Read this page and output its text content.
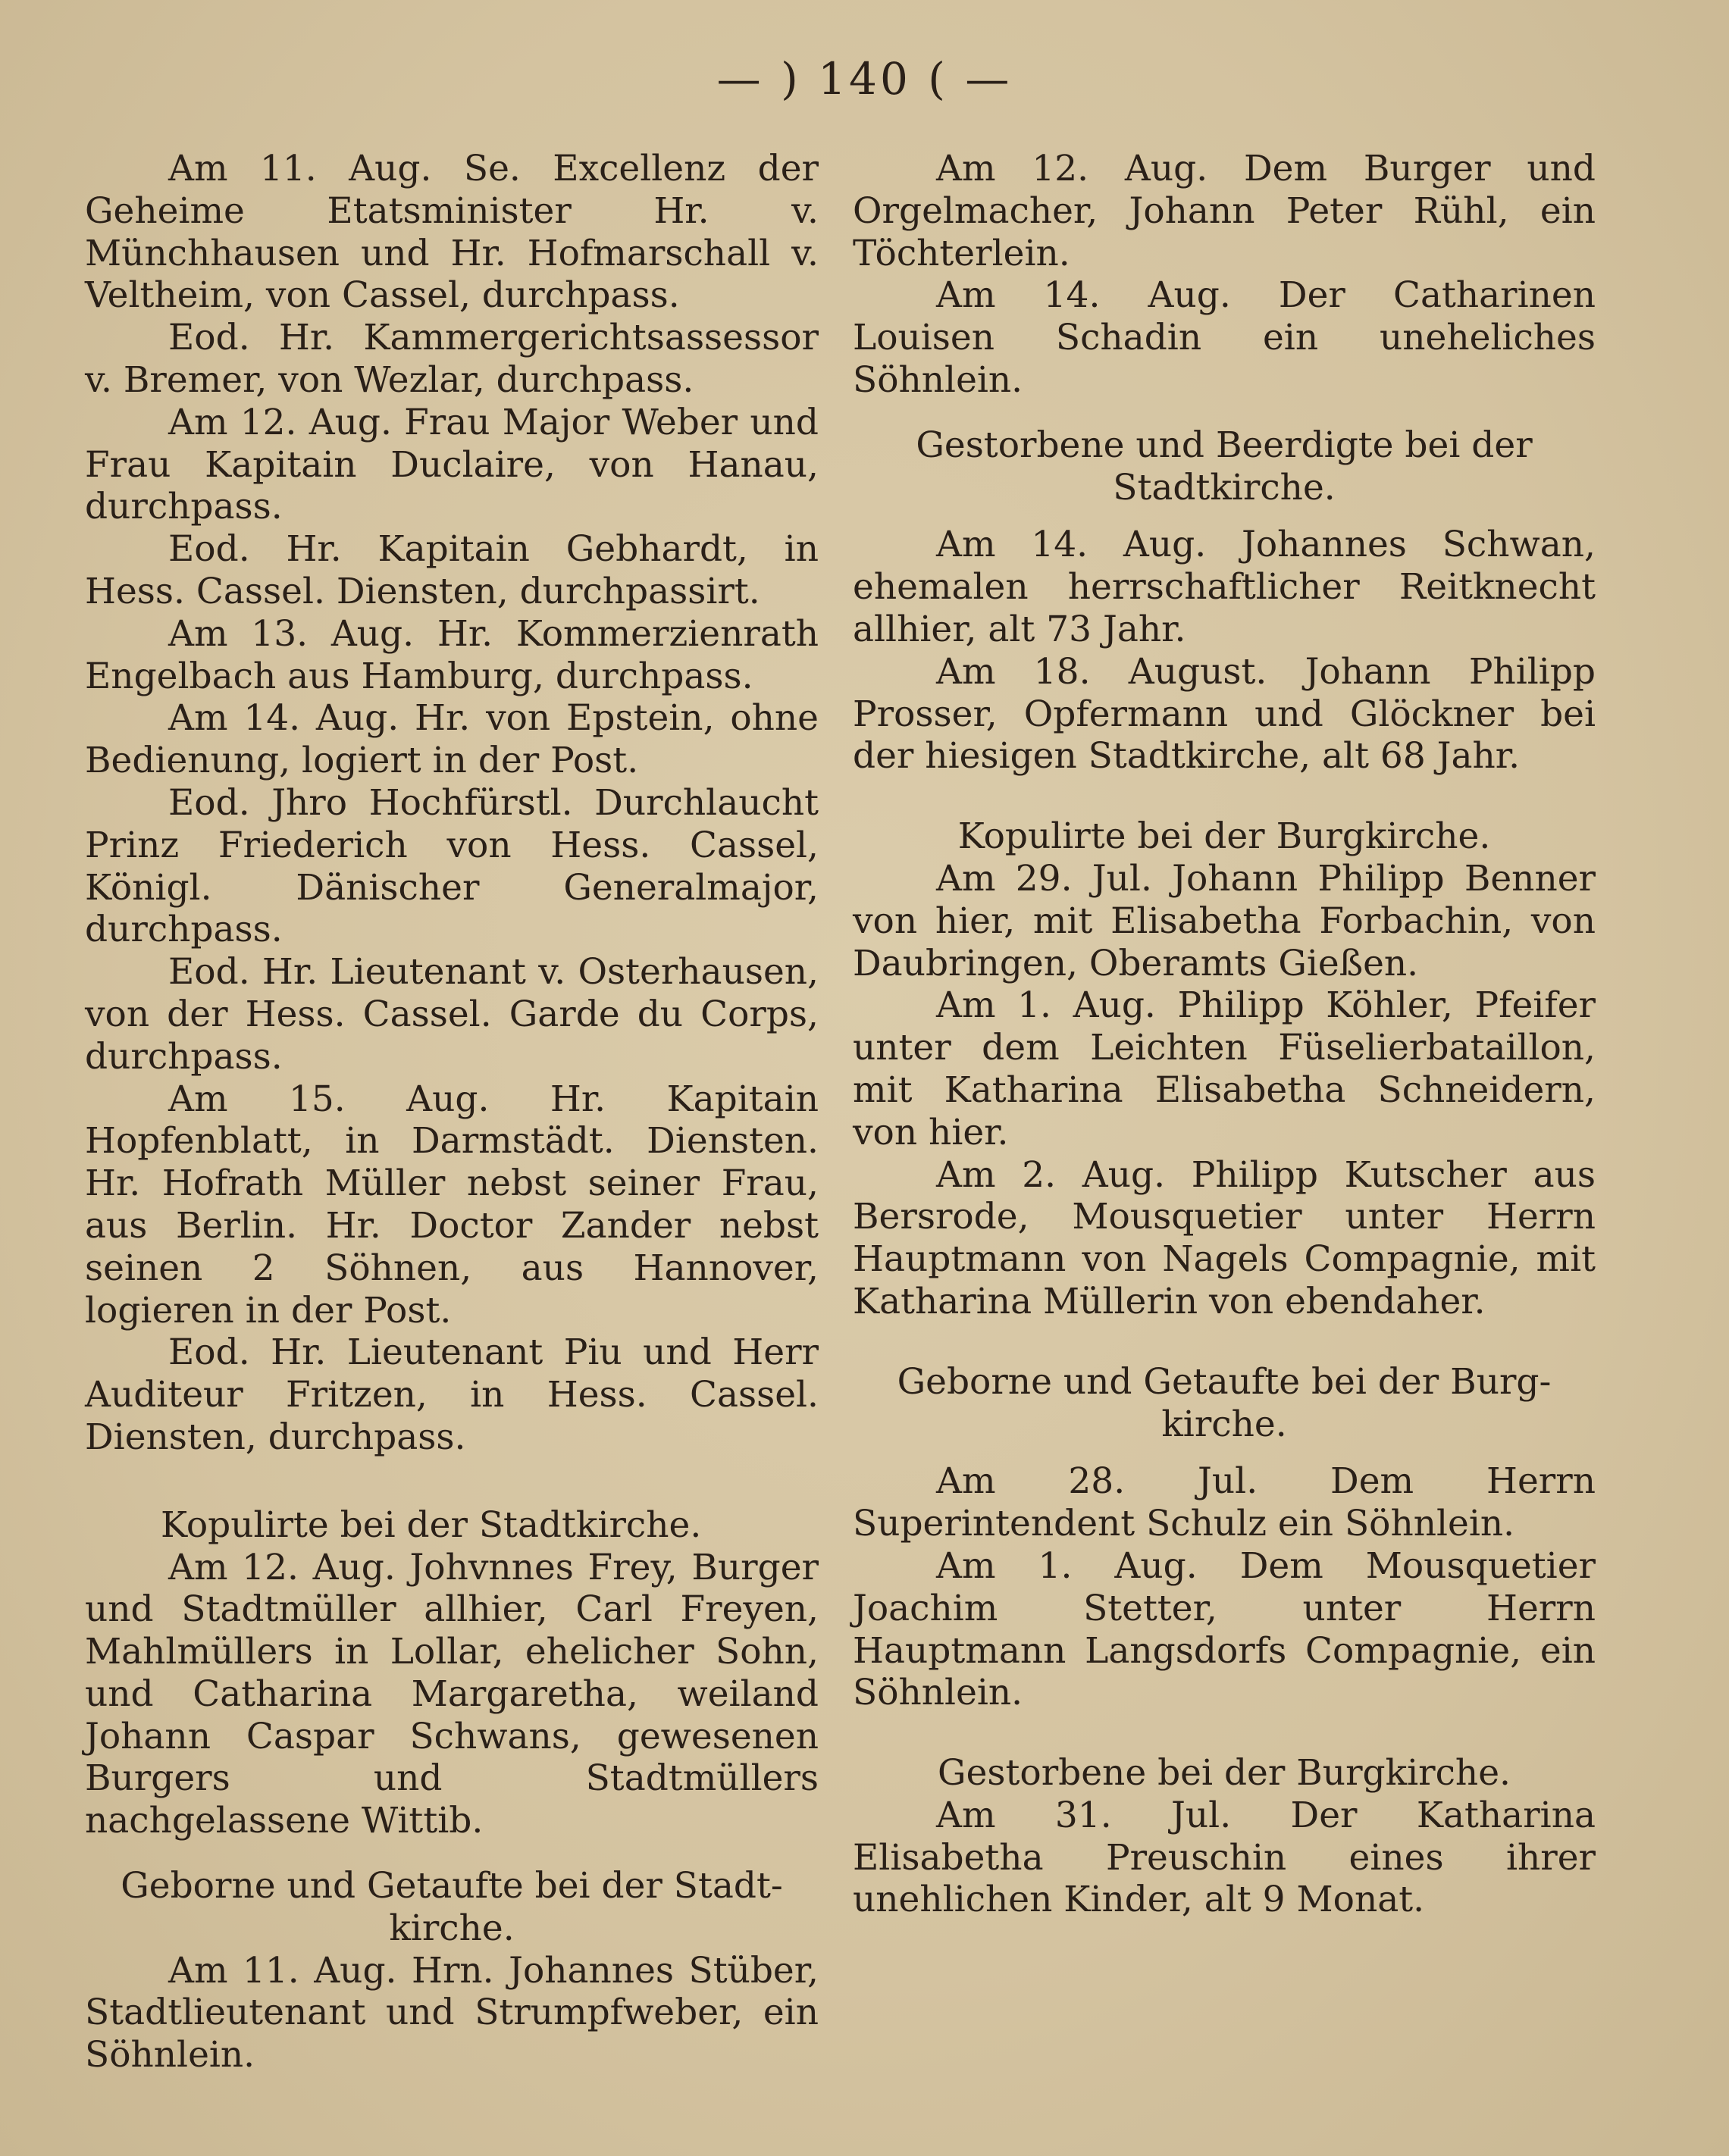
— ) 140 ( —

Am 11. Aug. Se. Excellenz der Geheime Etatsminister Hr. v. Münchhausen und Hr. Hofmarschall v. Veltheim, von Cassel, durchpass.

Eod. Hr. Kammergerichtsassessor v. Bremer, von Wezlar, durchpass.

Am 12. Aug. Frau Major Weber und Frau Kapitain Duclaire, von Hanau, durchpass.

Eod. Hr. Kapitain Gebhardt, in Hess. Cassel. Diensten, durchpassirt.

Am 13. Aug. Hr. Kommerzienrath Engelbach aus Hamburg, durchpass.

Am 14. Aug. Hr. von Epstein, ohne Bedienung, logiert in der Post.

Eod. Jhro Hochfürstl. Durchlaucht Prinz Friederich von Hess. Cassel, Königl. Dänischer Generalmajor, durchpass.

Eod. Hr. Lieutenant v. Osterhausen, von der Hess. Cassel. Garde du Corps, durchpass.

Am 15. Aug. Hr. Kapitain Hopfenblatt, in Darmstädt. Diensten. Hr. Hofrath Müller nebst seiner Frau, aus Berlin. Hr. Doctor Zander nebst seinen 2 Söhnen, aus Hannover, logieren in der Post.

Eod. Hr. Lieutenant Piu und Herr Auditeur Fritzen, in Hess. Cassel. Diensten, durchpass.

Kopulirte bei der Stadtkirche.

Am 12. Aug. Johvnnes Frey, Burger und Stadtmüller allhier, Carl Freyen, Mahlmüllers in Lollar, ehelicher Sohn, und Catharina Margaretha, weiland Johann Caspar Schwans, gewesenen Burgers und Stadtmüllers nachgelassene Wittib.

Geborne und Getaufte bei der Stadt-

kirche.

Am 11. Aug. Hrn. Johannes Stüber, Stadtlieutenant und Strumpfweber, ein Söhnlein.

Am 12. Aug. Dem Burger und Orgelmacher, Johann Peter Rühl, ein Töchterlein.

Am 14. Aug. Der Catharinen Louisen Schadin ein uneheliches Söhnlein.

Gestorbene und Beerdigte bei der

Stadtkirche.

Am 14. Aug. Johannes Schwan, ehemalen herrschaftlicher Reitknecht allhier, alt 73 Jahr.

Am 18. August. Johann Philipp Prosser, Opfermann und Glöckner bei der hiesigen Stadtkirche, alt 68 Jahr.

Kopulirte bei der Burgkirche.

Am 29. Jul. Johann Philipp Benner von hier, mit Elisabetha Forbachin, von Daubringen, Oberamts Gießen.

Am 1. Aug. Philipp Köhler, Pfeifer unter dem Leichten Füselierbataillon, mit Katharina Elisabetha Schneidern, von hier.

Am 2. Aug. Philipp Kutscher aus Bersrode, Mousquetier unter Herrn Hauptmann von Nagels Compagnie, mit Katharina Müllerin von ebendaher.

Geborne und Getaufte bei der Burg-

kirche.

Am 28. Jul. Dem Herrn Superintendent Schulz ein Söhnlein.

Am 1. Aug. Dem Mousquetier Joachim Stetter, unter Herrn Hauptmann Langsdorfs Compagnie, ein Söhnlein.

Gestorbene bei der Burgkirche.

Am 31. Jul. Der Katharina Elisabetha Preuschin eines ihrer unehlichen Kinder, alt 9 Monat.
